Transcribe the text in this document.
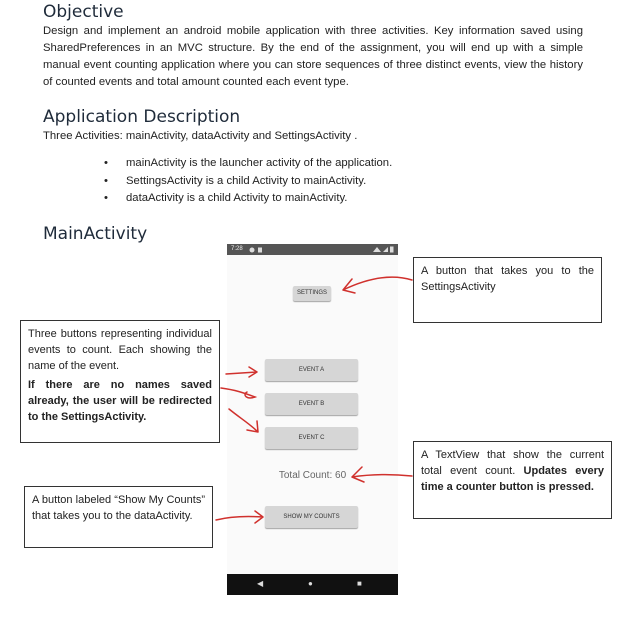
Objective
Design and implement an android mobile application with three activities. Key information saved using SharedPreferences in an MVC structure. By the end of the assignment, you will end up with a simple manual event counting application where you can store sequences of three distinct events, view the history of counted events and total amount counted each event type.
Application Description
Three Activities: mainActivity, dataActivity and SettingsActivity .
• mainActivity is the launcher activity of the application.
• SettingsActivity is a child Activity to mainActivity.
• dataActivity is a child Activity to mainActivity.
MainActivity
7:28
SETTINGS
EVENT A
EVENT B
EVENT C
Total Count: 60
SHOW MY COUNTS
◀	●	■
A button that takes you to the SettingsActivity
Three buttons representing individual events to count. Each showing the name of the event.
If there are no names saved already, the user will be redirected to the SettingsActivity.
A TextView that show the current total event count. Updates every time a counter button is pressed.
A button labeled “Show My Counts” that takes you to the dataActivity.
